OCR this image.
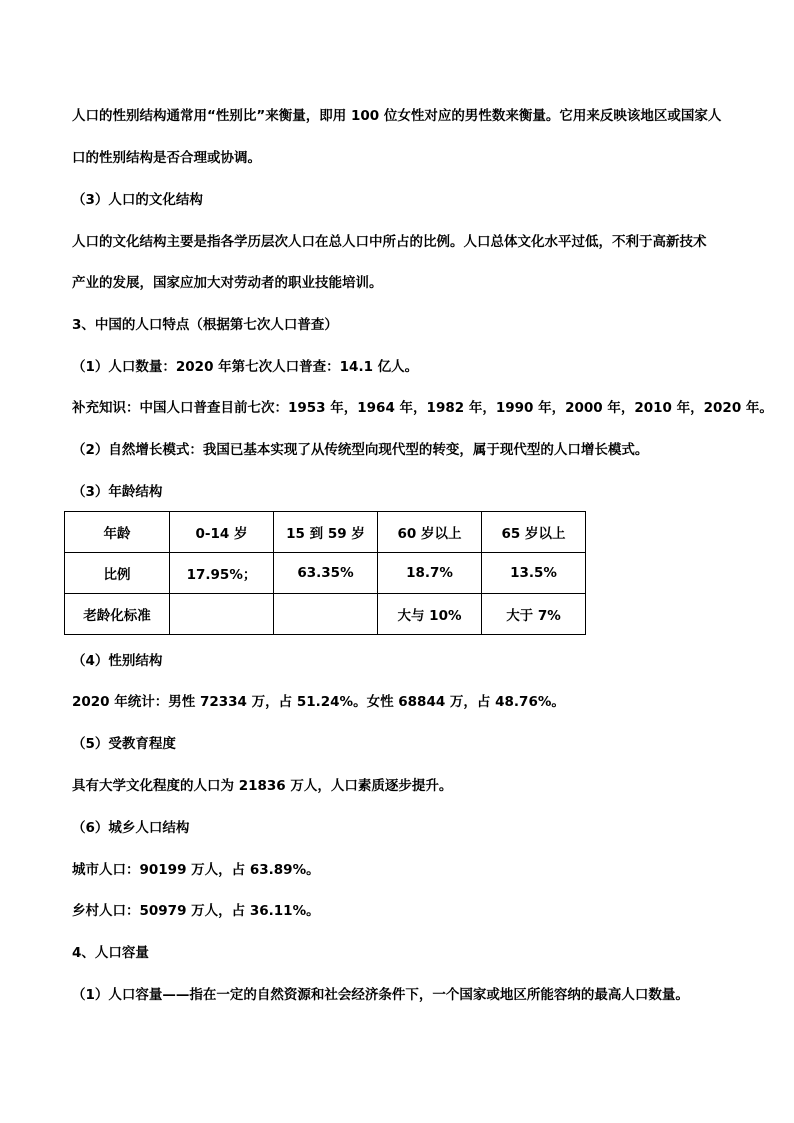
人口的性别结构通常用“性别比”来衡量，即用 100 位女性对应的男性数来衡量。它用来反映该地区或国家人

口的性别结构是否合理或协调。

（3）人口的文化结构

人口的文化结构主要是指各学历层次人口在总人口中所占的比例。人口总体文化水平过低，不利于高新技术

产业的发展，国家应加大对劳动者的职业技能培训。

3、中国的人口特点（根据第七次人口普查）

（1）人口数量：2020 年第七次人口普查：14.1 亿人。

补充知识：中国人口普查目前七次：1953 年，1964 年，1982 年，1990 年，2000 年，2010 年，2020 年。

（2）自然增长模式：我国已基本实现了从传统型向现代型的转变，属于现代型的人口增长模式。

（3）年龄结构

年龄	0-14 岁	15 到 59 岁	60 岁以上	65 岁以上
比例	17.95%；	63.35%	18.7%	13.5%
老龄化标准			大与 10%	大于 7%

（4）性别结构

2020 年统计：男性 72334 万，占 51.24%。女性 68844 万，占 48.76%。

（5）受教育程度

具有大学文化程度的人口为 21836 万人，人口素质逐步提升。

（6）城乡人口结构

城市人口：90199 万人，占 63.89%。

乡村人口：50979 万人，占 36.11%。

4、人口容量

（1）人口容量——指在一定的自然资源和社会经济条件下，一个国家或地区所能容纳的最高人口数量。
